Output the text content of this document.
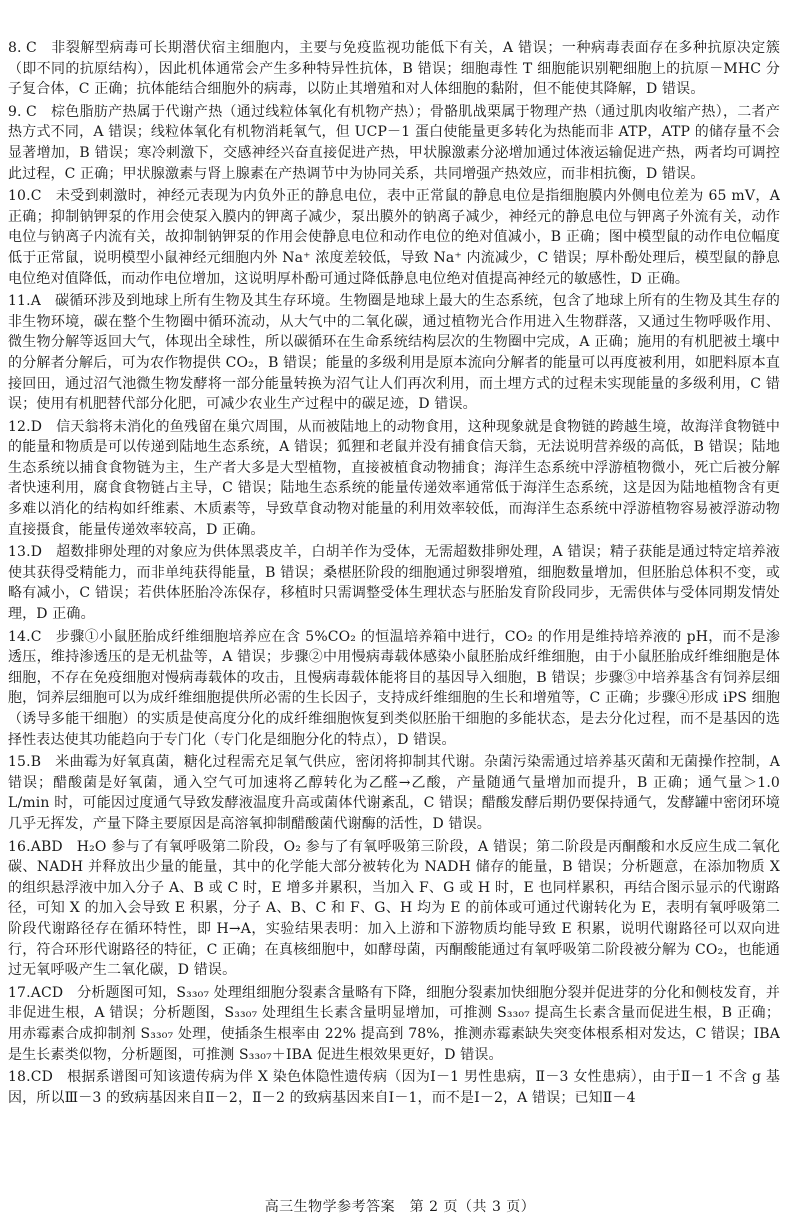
8. C 非裂解型病毒可长期潜伏宿主细胞内，主要与免疫监视功能低下有关，A 错误；一种病毒表面存在多种抗原决定簇（即不同的抗原结构），因此机体通常会产生多种特异性抗体，B 错误；细胞毒性 T 细胞能识别靶细胞上的抗原－MHC 分子复合体，C 正确；抗体能结合细胞外的病毒，以防止其增殖和对人体细胞的黏附，但不能使其降解，D 错误。

9. C 棕色脂肪产热属于代谢产热（通过线粒体氧化有机物产热）；骨骼肌战栗属于物理产热（通过肌肉收缩产热），二者产热方式不同，A 错误；线粒体氧化有机物消耗氧气，但 UCP－1 蛋白使能量更多转化为热能而非 ATP，ATP 的储存量不会显著增加，B 错误；寒冷刺激下，交感神经兴奋直接促进产热，甲状腺激素分泌增加通过体液运输促进产热，两者均可调控此过程，C 正确；甲状腺激素与肾上腺素在产热调节中为协同关系，共同增强产热效应，而非相抗衡，D 错误。

10.C 未受到刺激时，神经元表现为内负外正的静息电位，表中正常鼠的静息电位是指细胞膜内外侧电位差为 65 mV，A 正确；抑制钠钾泵的作用会使泵入膜内的钾离子减少，泵出膜外的钠离子减少，神经元的静息电位与钾离子外流有关，动作电位与钠离子内流有关，故抑制钠钾泵的作用会使静息电位和动作电位的绝对值减小，B 正确；图中模型鼠的动作电位幅度低于正常鼠，说明模型小鼠神经元细胞内外 Na⁺ 浓度差较低，导致 Na⁺ 内流减少，C 错误；厚朴酚处理后，模型鼠的静息电位绝对值降低，而动作电位增加，这说明厚朴酚可通过降低静息电位绝对值提高神经元的敏感性，D 正确。

11.A 碳循环涉及到地球上所有生物及其生存环境。生物圈是地球上最大的生态系统，包含了地球上所有的生物及其生存的非生物环境，碳在整个生物圈中循环流动，从大气中的二氧化碳，通过植物光合作用进入生物群落，又通过生物呼吸作用、微生物分解等返回大气，体现出全球性，所以碳循环在生命系统结构层次的生物圈中完成，A 正确；施用的有机肥被土壤中的分解者分解后，可为农作物提供 CO₂，B 错误；能量的多级利用是原本流向分解者的能量可以再度被利用，如肥料原本直接回田，通过沼气池微生物发酵将一部分能量转换为沼气让人们再次利用，而土埋方式的过程未实现能量的多级利用，C 错误；使用有机肥替代部分化肥，可减少农业生产过程中的碳足迹，D 错误。

12.D 信天翁将未消化的鱼残留在巢穴周围，从而被陆地上的动物食用，这种现象就是食物链的跨越生境，故海洋食物链中的能量和物质是可以传递到陆地生态系统，A 错误；狐狸和老鼠并没有捕食信天翁，无法说明营养级的高低，B 错误；陆地生态系统以捕食食物链为主，生产者大多是大型植物，直接被植食动物捕食；海洋生态系统中浮游植物微小，死亡后被分解者快速利用，腐食食物链占主导，C 错误；陆地生态系统的能量传递效率通常低于海洋生态系统，这是因为陆地植物含有更多难以消化的结构如纤维素、木质素等，导致草食动物对能量的利用效率较低，而海洋生态系统中浮游植物容易被浮游动物直接摄食，能量传递效率较高，D 正确。

13.D 超数排卵处理的对象应为供体黑裘皮羊，白胡羊作为受体，无需超数排卵处理，A 错误；精子获能是通过特定培养液使其获得受精能力，而非单纯获得能量，B 错误；桑椹胚阶段的细胞通过卵裂增殖，细胞数量增加，但胚胎总体积不变，或略有减小，C 错误；若供体胚胎冷冻保存，移植时只需调整受体生理状态与胚胎发育阶段同步，无需供体与受体同期发情处理，D 正确。

14.C 步骤①小鼠胚胎成纤维细胞培养应在含 5%CO₂ 的恒温培养箱中进行，CO₂ 的作用是维持培养液的 pH，而不是渗透压，维持渗透压的是无机盐等，A 错误；步骤②中用慢病毒载体感染小鼠胚胎成纤维细胞，由于小鼠胚胎成纤维细胞是体细胞，不存在免疫细胞对慢病毒载体的攻击，且慢病毒载体能将目的基因导入细胞，B 错误；步骤③中培养基含有饲养层细胞，饲养层细胞可以为成纤维细胞提供所必需的生长因子，支持成纤维细胞的生长和增殖等，C 正确；步骤④形成 iPS 细胞（诱导多能干细胞）的实质是使高度分化的成纤维细胞恢复到类似胚胎干细胞的多能状态，是去分化过程，而不是基因的选择性表达使其功能趋向于专门化（专门化是细胞分化的特点），D 错误。

15.B 米曲霉为好氧真菌，糖化过程需充足氧气供应，密闭将抑制其代谢。杂菌污染需通过培养基灭菌和无菌操作控制，A 错误；醋酸菌是好氧菌，通入空气可加速将乙醇转化为乙醛→乙酸，产量随通气量增加而提升，B 正确；通气量＞1.0 L/min 时，可能因过度通气导致发酵液温度升高或菌体代谢紊乱，C 错误；醋酸发酵后期仍要保持通气，发酵罐中密闭环境几乎无挥发，产量下降主要原因是高溶氧抑制醋酸菌代谢酶的活性，D 错误。

16.ABD H₂O 参与了有氧呼吸第二阶段，O₂ 参与了有氧呼吸第三阶段，A 错误；第二阶段是丙酮酸和水反应生成二氧化碳、NADH 并释放出少量的能量，其中的化学能大部分被转化为 NADH 储存的能量，B 错误；分析题意，在添加物质 X 的组织悬浮液中加入分子 A、B 或 C 时，E 增多并累积，当加入 F、G 或 H 时，E 也同样累积，再结合图示显示的代谢路径，可知 X 的加入会导致 E 积累，分子 A、B、C 和 F、G、H 均为 E 的前体或可通过代谢转化为 E，表明有氧呼吸第二阶段代谢路径存在循环特性，即 H→A，实验结果表明：加入上游和下游物质均能导致 E 积累，说明代谢路径可以双向进行，符合环形代谢路径的特征，C 正确；在真核细胞中，如酵母菌，丙酮酸能通过有氧呼吸第二阶段被分解为 CO₂，也能通过无氧呼吸产生二氧化碳，D 错误。

17.ACD 分析题图可知，S₃₃₀₇ 处理组细胞分裂素含量略有下降，细胞分裂素加快细胞分裂并促进芽的分化和侧枝发育，并非促进生根，A 错误；分析题图，S₃₃₀₇ 处理组生长素含量明显增加，可推测 S₃₃₀₇ 提高生长素含量而促进生根，B 正确；用赤霉素合成抑制剂 S₃₃₀₇ 处理，使插条生根率由 22% 提高到 78%，推测赤霉素缺失突变体根系相对发达，C 错误；IBA 是生长素类似物，分析题图，可推测 S₃₃₀₇＋IBA 促进生根效果更好，D 错误。

18.CD 根据系谱图可知该遗传病为伴 X 染色体隐性遗传病（因为Ⅰ－1 男性患病，Ⅱ－3 女性患病），由于Ⅱ－1 不含 g 基因，所以Ⅲ－3 的致病基因来自Ⅱ－2，Ⅱ－2 的致病基因来自Ⅰ－1，而不是Ⅰ－2，A 错误；已知Ⅱ－4

高三生物学参考答案　第 2 页（共 3 页）
